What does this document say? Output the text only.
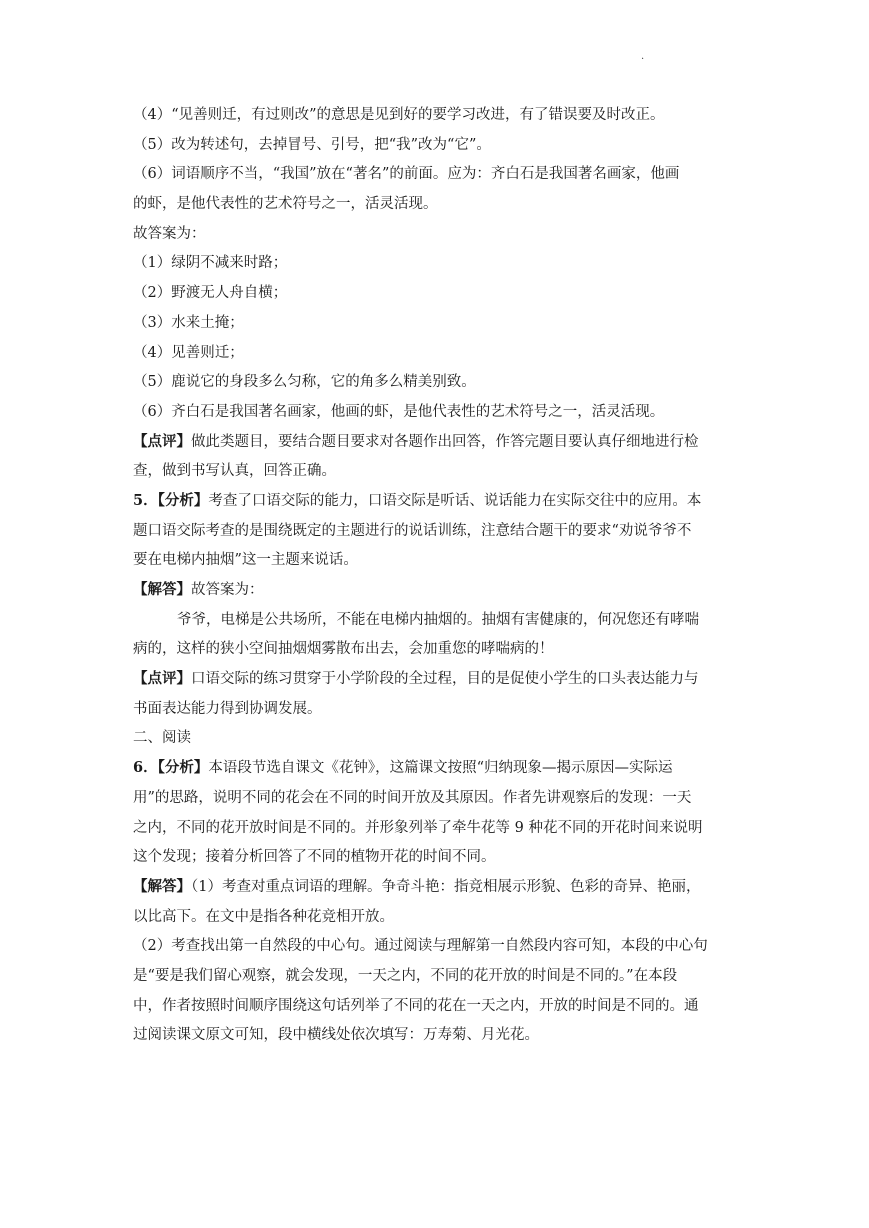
.
（4）“见善则迁，有过则改”的意思是见到好的要学习改进，有了错误要及时改正。
（5）改为转述句，去掉冒号、引号，把“我”改为“它”。
（6）词语顺序不当，“我国”放在“著名”的前面。应为：齐白石是我国著名画家，他画
的虾，是他代表性的艺术符号之一，活灵活现。
故答案为：
（1）绿阴不减来时路；
（2）野渡无人舟自横；
（3）水来土掩；
（4）见善则迁；
（5）鹿说它的身段多么匀称，它的角多么精美别致。
（6）齐白石是我国著名画家，他画的虾，是他代表性的艺术符号之一，活灵活现。
【点评】做此类题目，要结合题目要求对各题作出回答，作答完题目要认真仔细地进行检
查，做到书写认真，回答正确。
5．【分析】考查了口语交际的能力，口语交际是听话、说话能力在实际交往中的应用。本
题口语交际考查的是围绕既定的主题进行的说话训练，注意结合题干的要求“劝说爷爷不
要在电梯内抽烟”这一主题来说话。
【解答】故答案为：
爷爷，电梯是公共场所，不能在电梯内抽烟的。抽烟有害健康的，何况您还有哮喘
病的，这样的狭小空间抽烟烟雾散布出去，会加重您的哮喘病的！
【点评】口语交际的练习贯穿于小学阶段的全过程，目的是促使小学生的口头表达能力与
书面表达能力得到协调发展。
二、阅读
6．【分析】本语段节选自课文《花钟》，这篇课文按照“归纳现象—揭示原因—实际运
用”的思路，说明不同的花会在不同的时间开放及其原因。作者先讲观察后的发现：一天
之内，不同的花开放时间是不同的。并形象列举了牵牛花等 9 种花不同的开花时间来说明
这个发现；接着分析回答了不同的植物开花的时间不同。
【解答】（1）考查对重点词语的理解。争奇斗艳：指竞相展示形貌、色彩的奇异、艳丽，
以比高下。在文中是指各种花竞相开放。
（2）考查找出第一自然段的中心句。通过阅读与理解第一自然段内容可知，本段的中心句
是“要是我们留心观察，就会发现，一天之内，不同的花开放的时间是不同的。”在本段
中，作者按照时间顺序围绕这句话列举了不同的花在一天之内，开放的时间是不同的。通
过阅读课文原文可知，段中横线处依次填写：万寿菊、月光花。
